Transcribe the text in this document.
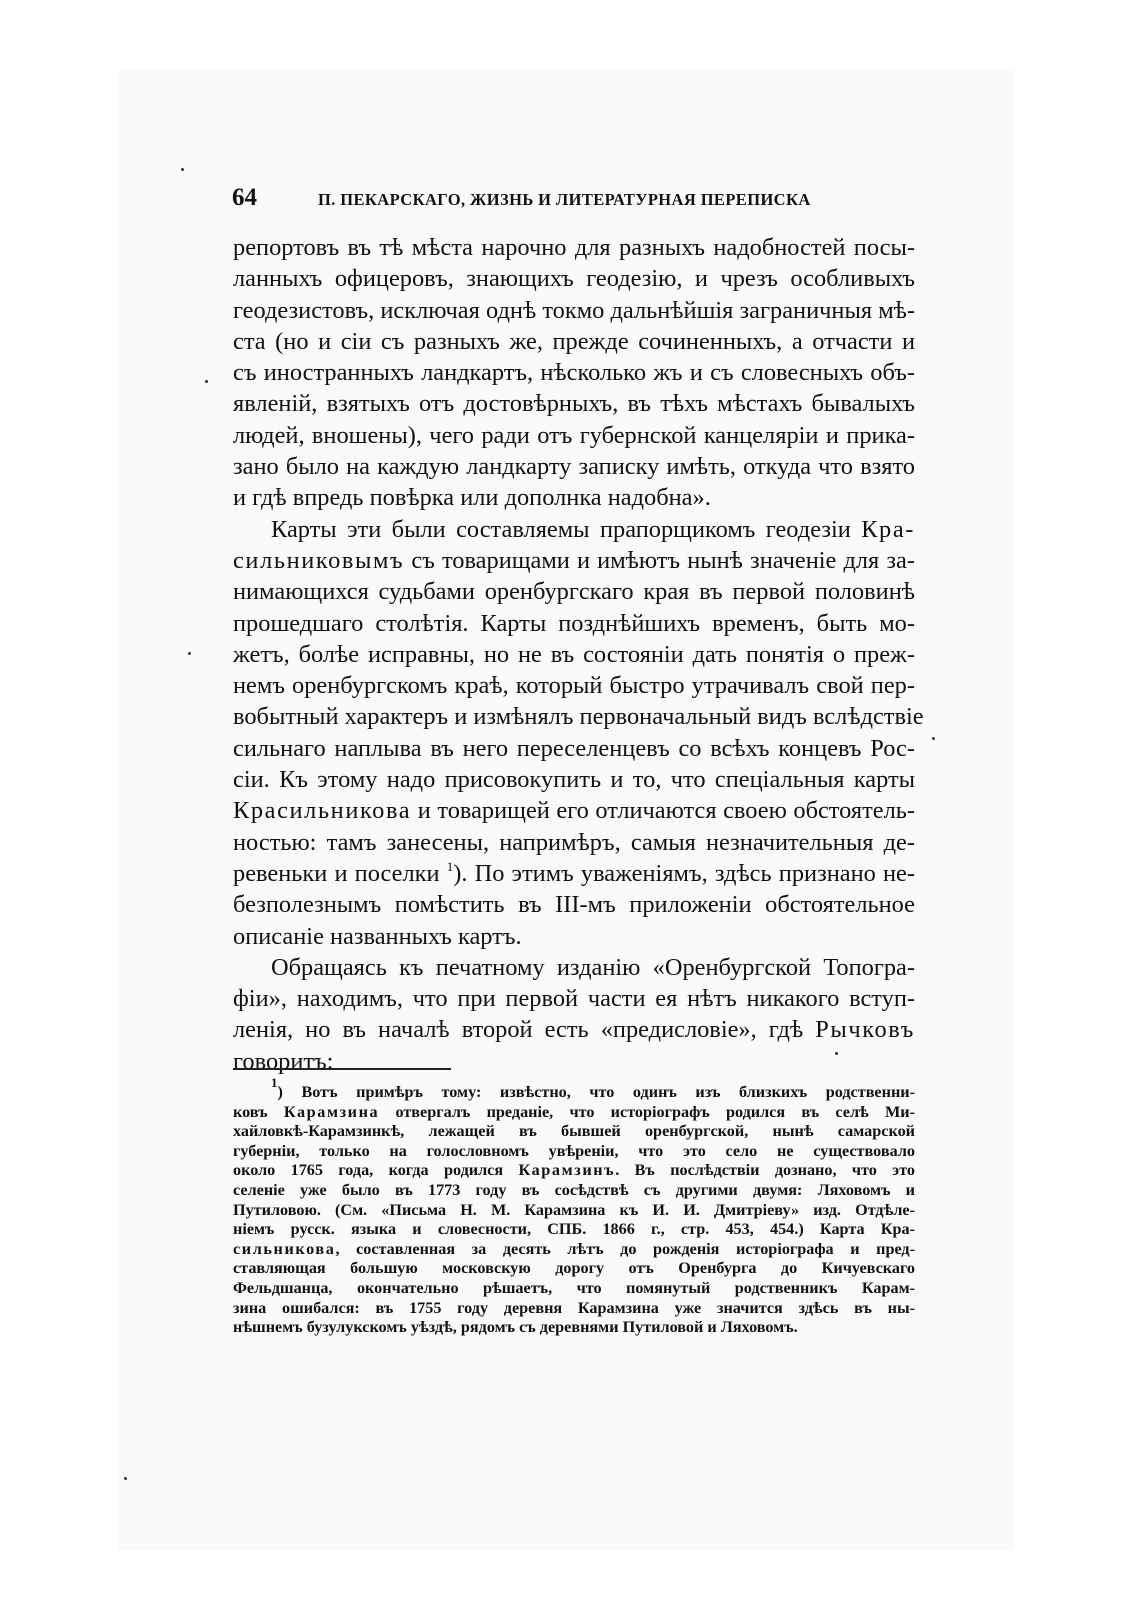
64	П. ПЕКАРСКАГО, ЖИЗНЬ И ЛИТЕРАТУРНАЯ ПЕРЕПИСКА
репортовъ въ тѣ мѣста нарочно для разныхъ надобностей посы-
ланныхъ офицеровъ, знающихъ геодезію, и чрезъ особливыхъ
геодезистовъ, исключая однѣ токмо дальнѣйшія заграничныя мѣ-
ста (но и сіи съ разныхъ же, прежде сочиненныхъ, а отчасти и
съ иностранныхъ ландкартъ, нѣсколько жъ и съ словесныхъ объ-
явленій, взятыхъ отъ достовѣрныхъ, въ тѣхъ мѣстахъ бывалыхъ
людей, вношены), чего ради отъ губернской канцеляріи и прика-
зано было на каждую ландкарту записку имѣть, откуда что взято
и гдѣ впредь повѣрка или дополнка надобна».
Карты эти были составляемы прапорщикомъ геодезіи Кра-
сильниковымъ съ товарищами и имѣютъ нынѣ значеніе для за-
нимающихся судьбами оренбургскаго края въ первой половинѣ
прошедшаго столѣтія. Карты позднѣйшихъ временъ, быть мо-
жетъ, болѣе исправны, но не въ состояніи дать понятія о преж-
немъ оренбургскомъ краѣ, который быстро утрачивалъ свой пер-
вобытный характеръ и измѣнялъ первоначальный видъ вслѣдствіе
сильнаго наплыва въ него переселенцевъ со всѣхъ концевъ Рос-
сіи. Къ этому надо присовокупить и то, что спеціальныя карты
Красильникова и товарищей его отличаются своею обстоятель-
ностью: тамъ занесены, напримѣръ, самыя незначительныя де-
ревеньки и поселки $^1$). По этимъ уваженіямъ, здѣсь признано не-
безполезнымъ помѣстить въ III-мъ приложеніи обстоятельное
описаніе названныхъ картъ.
Обращаясь къ печатному изданію «Оренбургской Топогра-
фіи», находимъ, что при первой части ея нѣтъ никакого вступ-
ленія, но въ началѣ второй есть «предисловіе», гдѣ Рычковъ
говоритъ:
$^1$) Вотъ примѣръ тому: извѣстно, что одинъ изъ близкихъ родственни-
ковъ Карамзина отвергалъ преданіе, что исторіографъ родился въ селѣ Ми-
хайловкѣ-Карамзинкѣ, лежащей въ бывшей оренбургской, нынѣ самарской
губерніи, только на голословномъ увѣреніи, что это село не существовало
около 1765 года, когда родился Карамзинъ. Въ послѣдствіи дознано, что это
селеніе уже было въ 1773 году въ сосѣдствѣ съ другими двумя: Ляховомъ и
Путиловою. (См. «Письма Н. М. Карамзина къ И. И. Дмитріеву» изд. Отдѣле-
ніемъ русск. языка и словесности, СПБ. 1866 г., стр. 453, 454.) Карта Кра-
сильникова, составленная за десять лѣтъ до рожденія исторіографа и пред-
ставляющая большую московскую дорогу отъ Оренбурга до Кичуевскаго
Фельдшанца, окончательно рѣшаетъ, что помянутый родственникъ Карам-
зина ошибался: въ 1755 году деревня Карамзина уже значится здѣсь въ ны-
нѣшнемъ бузулукскомъ уѣздѣ, рядомъ съ деревнями Путиловой и Ляховомъ.
